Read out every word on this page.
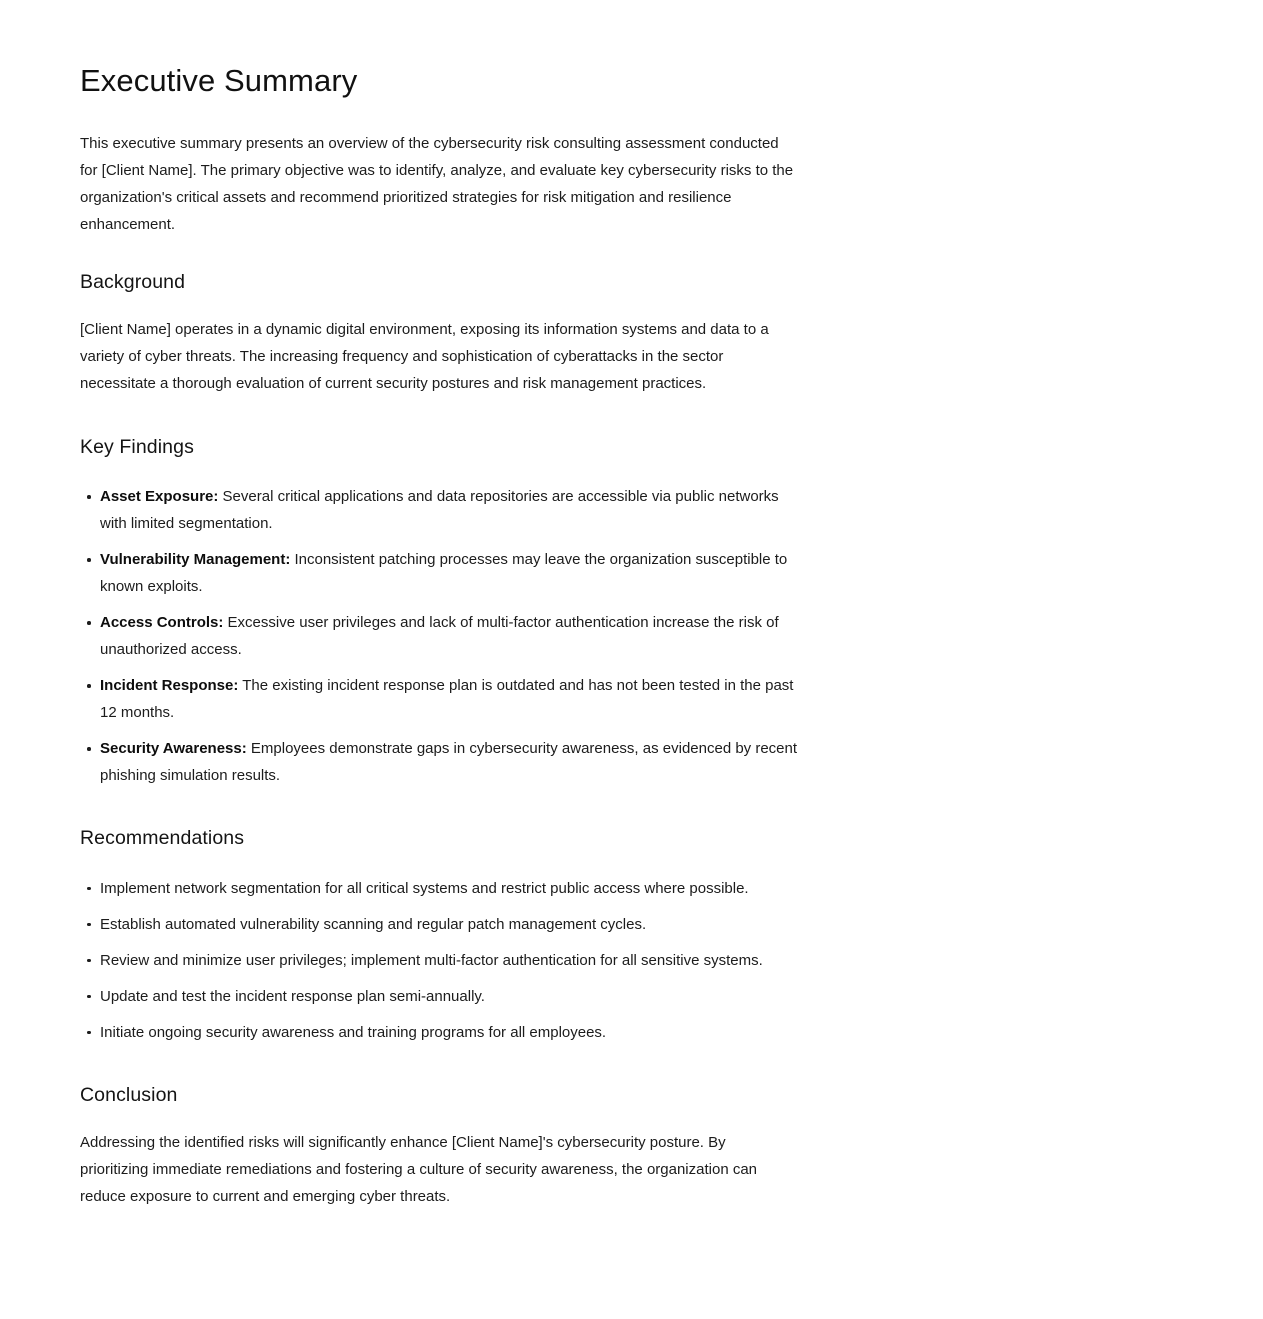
Executive Summary

This executive summary presents an overview of the cybersecurity risk consulting assessment conducted for [Client Name]. The primary objective was to identify, analyze, and evaluate key cybersecurity risks to the organization's critical assets and recommend prioritized strategies for risk mitigation and resilience enhancement.

Background

[Client Name] operates in a dynamic digital environment, exposing its information systems and data to a variety of cyber threats. The increasing frequency and sophistication of cyberattacks in the sector necessitate a thorough evaluation of current security postures and risk management practices.

Key Findings
Asset Exposure: Several critical applications and data repositories are accessible via public networks with limited segmentation.
Vulnerability Management: Inconsistent patching processes may leave the organization susceptible to known exploits.
Access Controls: Excessive user privileges and lack of multi-factor authentication increase the risk of unauthorized access.
Incident Response: The existing incident response plan is outdated and has not been tested in the past 12 months.
Security Awareness: Employees demonstrate gaps in cybersecurity awareness, as evidenced by recent phishing simulation results.
Recommendations
Implement network segmentation for all critical systems and restrict public access where possible.
Establish automated vulnerability scanning and regular patch management cycles.
Review and minimize user privileges; implement multi-factor authentication for all sensitive systems.
Update and test the incident response plan semi-annually.
Initiate ongoing security awareness and training programs for all employees.
Conclusion

Addressing the identified risks will significantly enhance [Client Name]'s cybersecurity posture. By prioritizing immediate remediations and fostering a culture of security awareness, the organization can reduce exposure to current and emerging cyber threats.
